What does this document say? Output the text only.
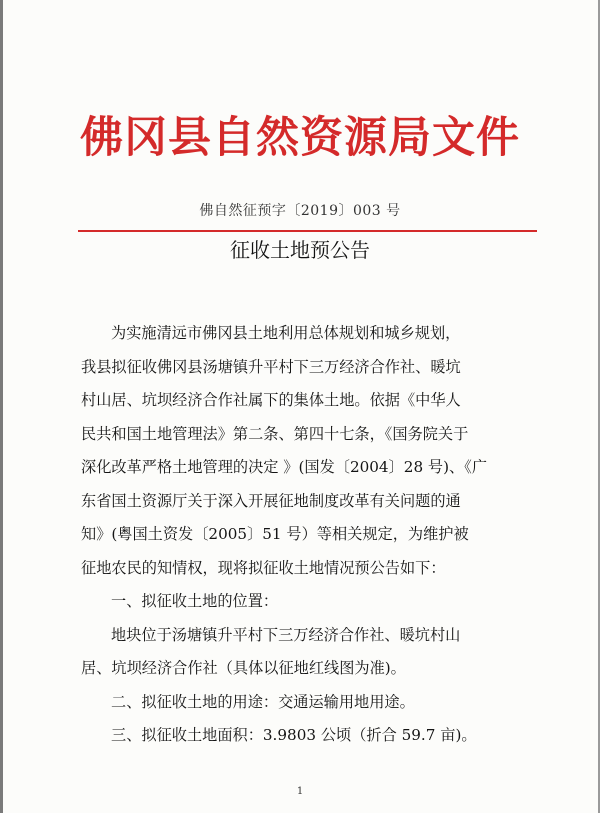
佛冈县自然资源局文件
佛自然征预字〔2019〕003 号
征收土地预公告

为实施清远市佛冈县土地利用总体规划和城乡规划，

我县拟征收佛冈县汤塘镇升平村下三万经济合作社、暖坑

村山居、坑坝经济合作社属下的集体土地。依据《中华人

民共和国土地管理法》第二条、第四十七条，《国务院关于

深化改革严格土地管理的决定 》(国发〔2004〕28 号)、《广

东省国土资源厅关于深入开展征地制度改革有关问题的通

知》(粤国土资发〔2005〕51 号）等相关规定，为维护被

征地农民的知情权，现将拟征收土地情况预公告如下：

一、拟征收土地的位置：

地块位于汤塘镇升平村下三万经济合作社、暖坑村山

居、坑坝经济合作社（具体以征地红线图为准)。

二、拟征收土地的用途：交通运输用地用途。

三、拟征收土地面积：3.9803 公顷（折合 59.7 亩)。

1
